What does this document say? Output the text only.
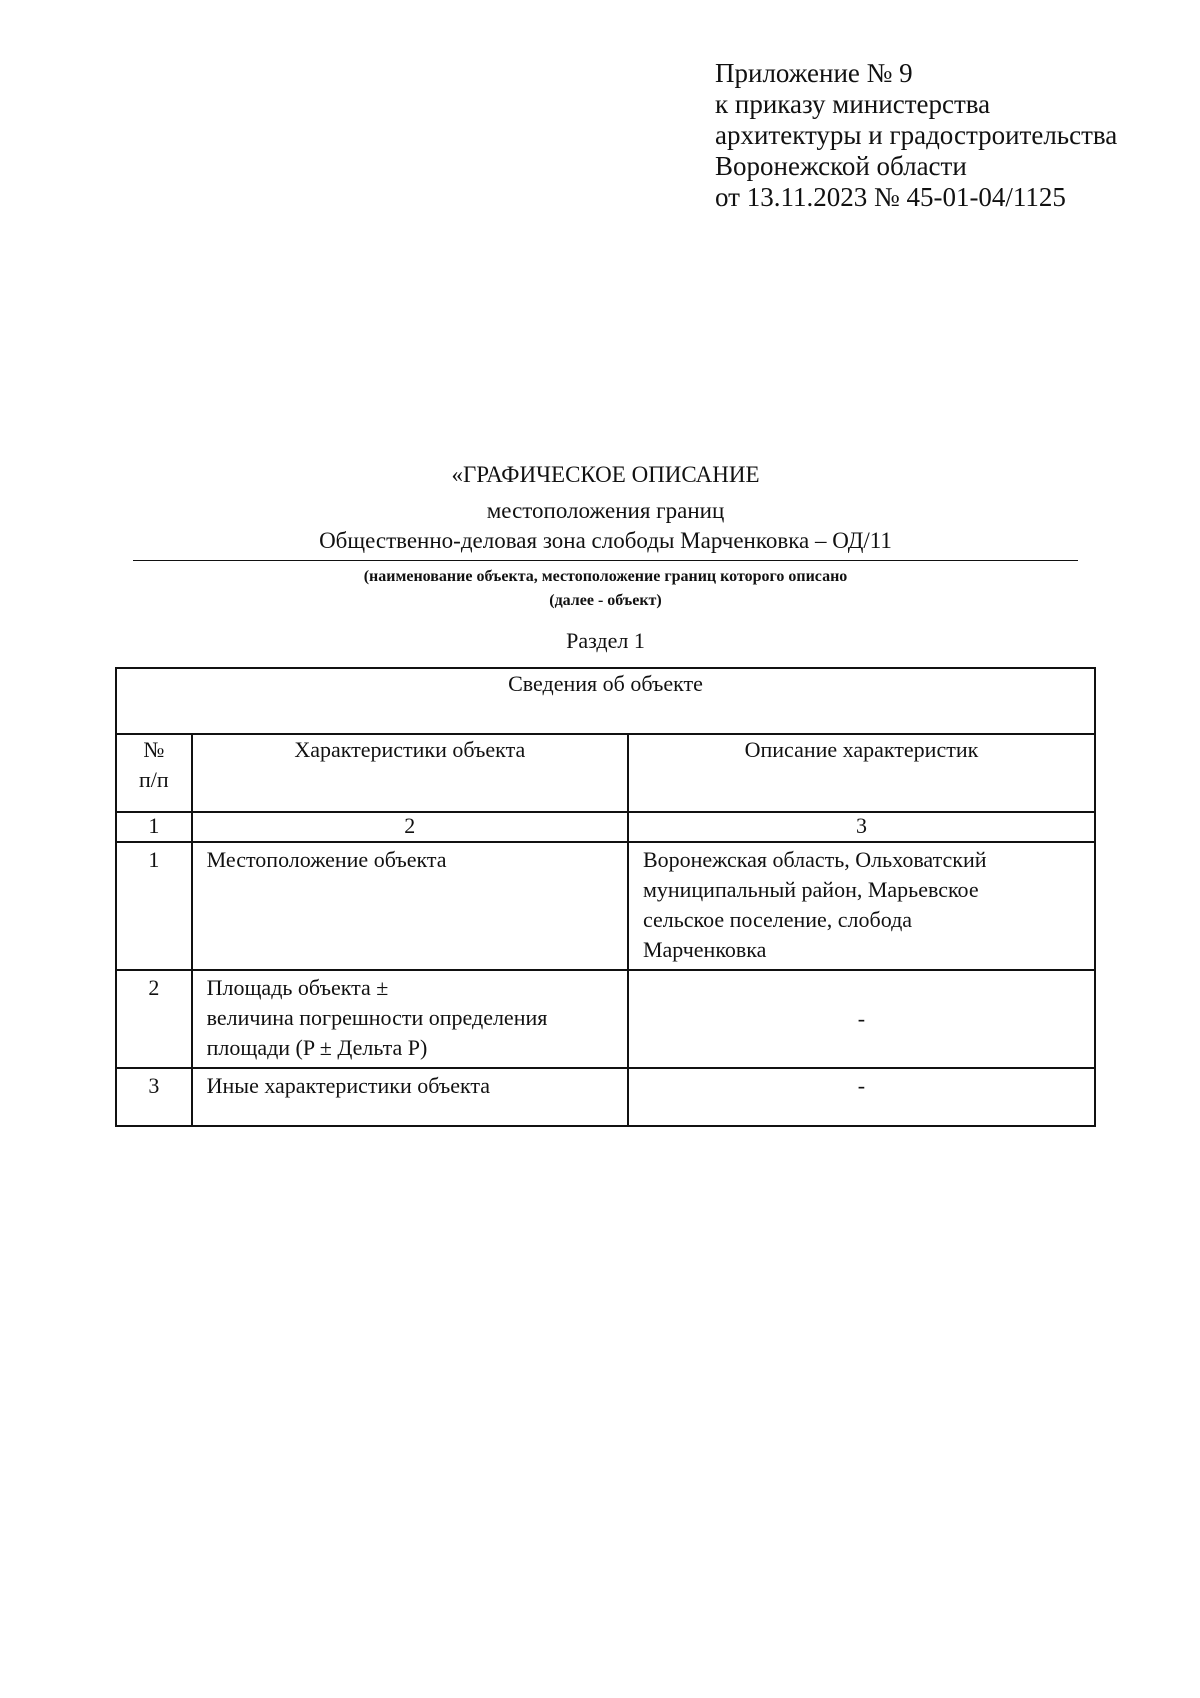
Приложение № 9
к приказу министерства
архитектуры и градостроительства
Воронежской области
от 13.11.2023 № 45-01-04/1125
«ГРАФИЧЕСКОЕ ОПИСАНИЕ
местоположения границ
Общественно-деловая зона слободы Марченковка – ОД/11
(наименование объекта, местоположение границ которого описано
(далее - объект)
Раздел 1
Сведения об объекте		

№
п/п	Характеристики объекта	Описание характеристик
1	2	3

1	Местоположение объекта	Воронежская область, Ольховатский
муниципальный район, Марьевское
сельское поселение, слобода
Марченковка

2	Площадь объекта ±
величина погрешности определения
площади (P ± Дельта P)	-

3	Иные характеристики объекта	-
